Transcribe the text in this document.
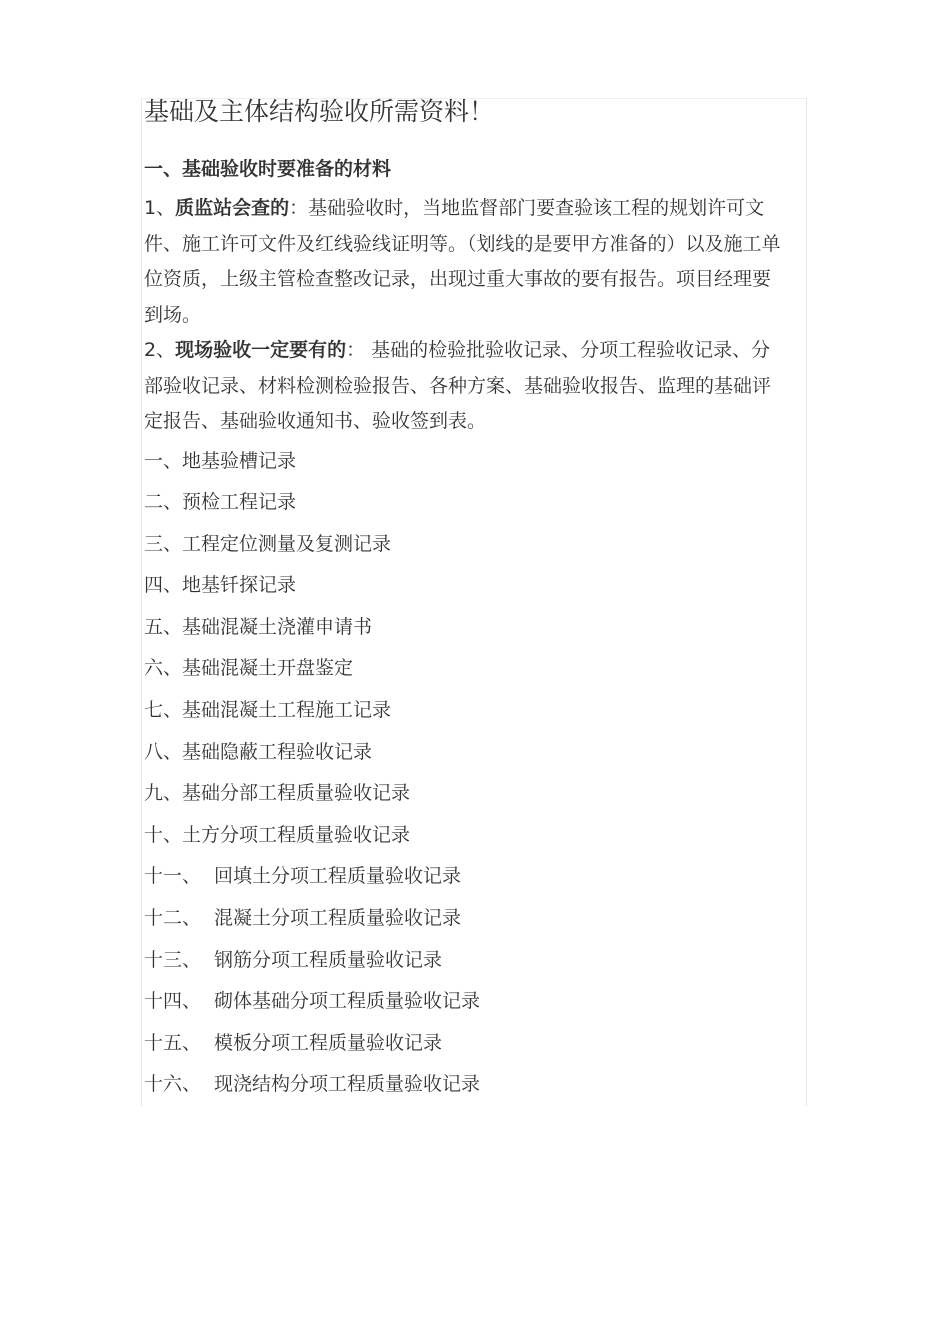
基础及主体结构验收所需资料！
一、基础验收时要准备的材料
1、质监站会查的：基础验收时，当地监督部门要查验该工程的规划许可文件、施工许可文件及红线验线证明等。（划线的是要甲方准备的）以及施工单位资质，上级主管检查整改记录，出现过重大事故的要有报告。项目经理要到场。
2、现场验收一定要有的： 基础的检验批验收记录、分项工程验收记录、分部验收记录、材料检测检验报告、各种方案、基础验收报告、监理的基础评定报告、基础验收通知书、验收签到表。
一、地基验槽记录
二、预检工程记录
三、工程定位测量及复测记录
四、地基钎探记录
五、基础混凝土浇灌申请书
六、基础混凝土开盘鉴定
七、基础混凝土工程施工记录
八、基础隐蔽工程验收记录
九、基础分部工程质量验收记录
十、土方分项工程质量验收记录
十一、 回填土分项工程质量验收记录
十二、 混凝土分项工程质量验收记录
十三、 钢筋分项工程质量验收记录
十四、 砌体基础分项工程质量验收记录
十五、 模板分项工程质量验收记录
十六、 现浇结构分项工程质量验收记录
